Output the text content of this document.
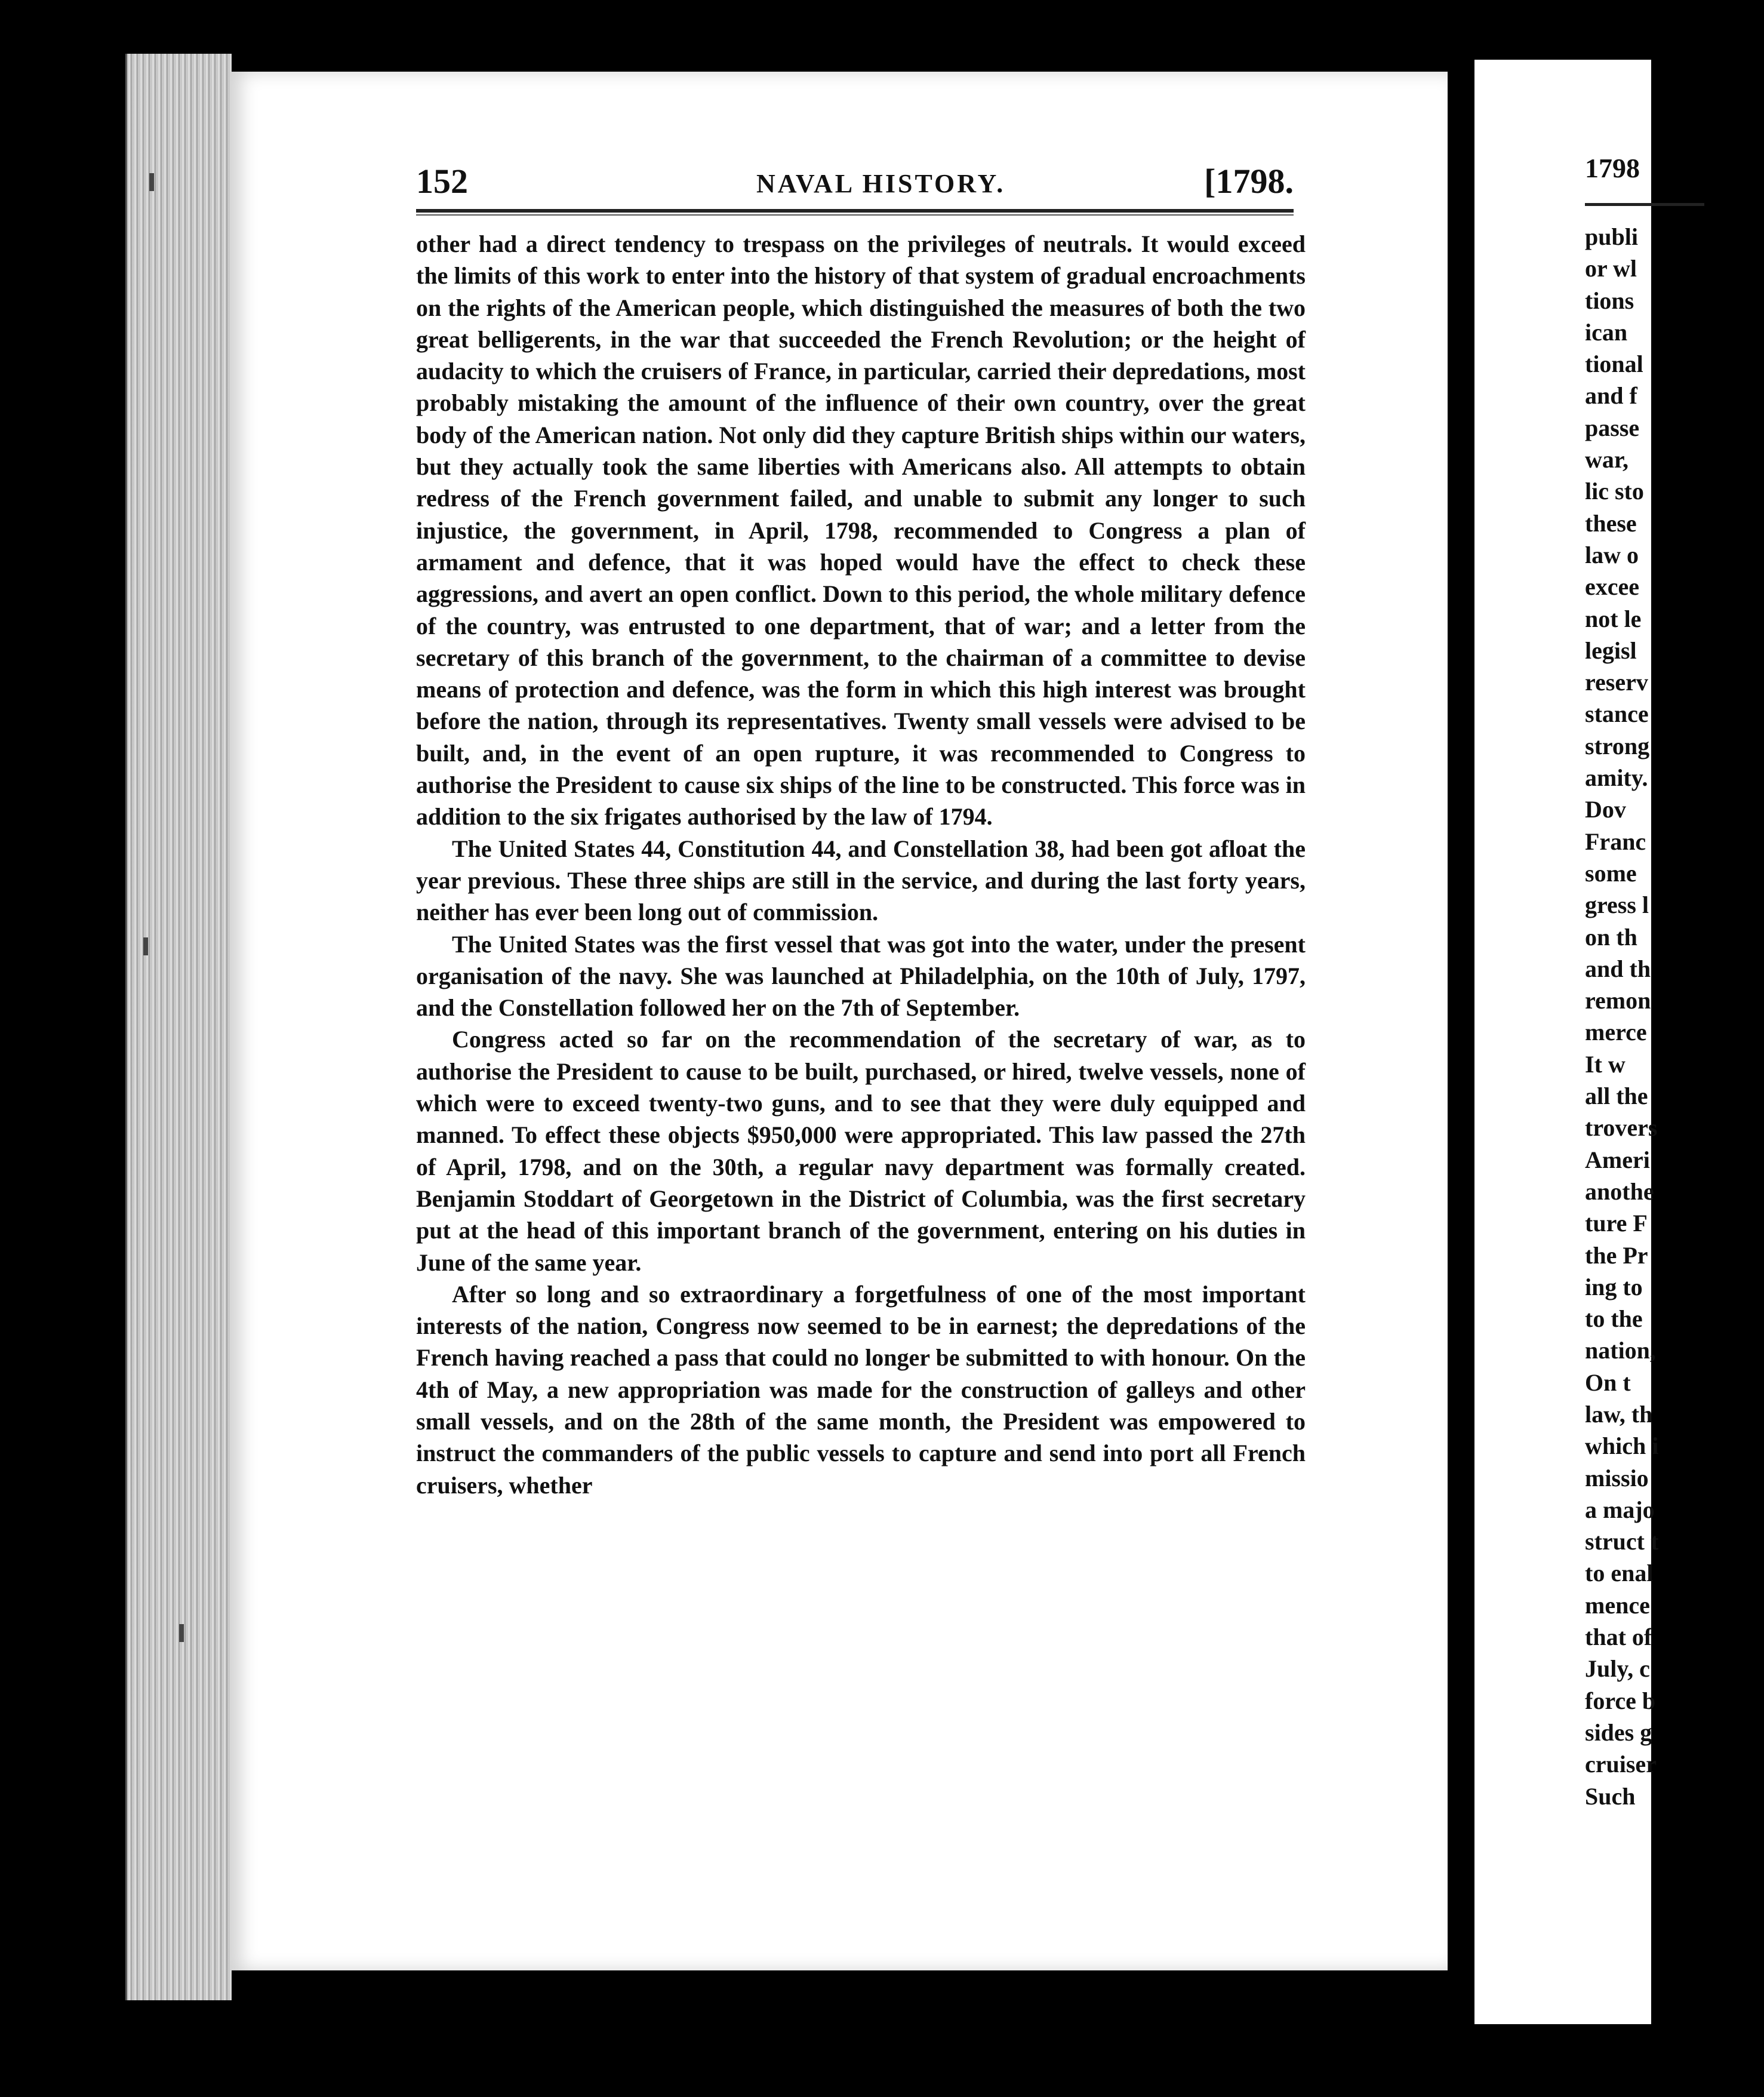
152	NAVAL HISTORY.	[1798.

other had a direct tendency to trespass on the privileges of neutrals. It would exceed the limits of this work to enter into the history of that system of gradual encroachments on the rights of the American people, which distinguished the measures of both the two great belligerents, in the war that succeeded the French Revolution; or the height of audacity to which the cruisers of France, in particular, carried their depredations, most probably mistaking the amount of the influence of their own country, over the great body of the American nation. Not only did they capture British ships within our waters, but they actually took the same liberties with Americans also. All attempts to obtain redress of the French government failed, and unable to submit any longer to such injustice, the government, in April, 1798, recommended to Congress a plan of armament and defence, that it was hoped would have the effect to check these aggressions, and avert an open conflict. Down to this period, the whole military defence of the country, was entrusted to one department, that of war; and a letter from the secretary of this branch of the government, to the chairman of a committee to devise means of protection and defence, was the form in which this high interest was brought before the nation, through its representatives. Twenty small vessels were advised to be built, and, in the event of an open rupture, it was recommended to Congress to authorise the President to cause six ships of the line to be constructed. This force was in addition to the six frigates authorised by the law of 1794.

The United States 44, Constitution 44, and Constellation 38, had been got afloat the year previous. These three ships are still in the service, and during the last forty years, neither has ever been long out of commission.

The United States was the first vessel that was got into the water, under the present organisation of the navy. She was launched at Philadelphia, on the 10th of July, 1797, and the Constellation followed her on the 7th of September.

Congress acted so far on the recommendation of the secretary of war, as to authorise the President to cause to be built, purchased, or hired, twelve vessels, none of which were to exceed twenty-two guns, and to see that they were duly equipped and manned. To effect these objects $950,000 were appropriated. This law passed the 27th of April, 1798, and on the 30th, a regular navy department was formally created. Benjamin Stoddart of Georgetown in the District of Columbia, was the first secretary put at the head of this important branch of the government, entering on his duties in June of the same year.

After so long and so extraordinary a forgetfulness of one of the most important interests of the nation, Congress now seemed to be in earnest; the depredations of the French having reached a pass that could no longer be submitted to with honour. On the 4th of May, a new appropriation was made for the construction of galleys and other small vessels, and on the 28th of the same month, the President was empowered to instruct the commanders of the public vessels to capture and send into port all French cruisers, whether

1798
publi
or wl
tions
ican
tional
and f
passe
war,
lic sto
these
law o
excee
not le
legisl
reserv
stance
strong
amity.
Dov
Franc
some
gress l
on th
and th
remon
merce
It w
all the
trovers
Ameri
anothe
ture F
the Pr
ing to
to the
nation,
On t
law, th
which i
missio
a majo
struct t
to enal
mence
that of
July, c
force b
sides g
cruiser
Such
